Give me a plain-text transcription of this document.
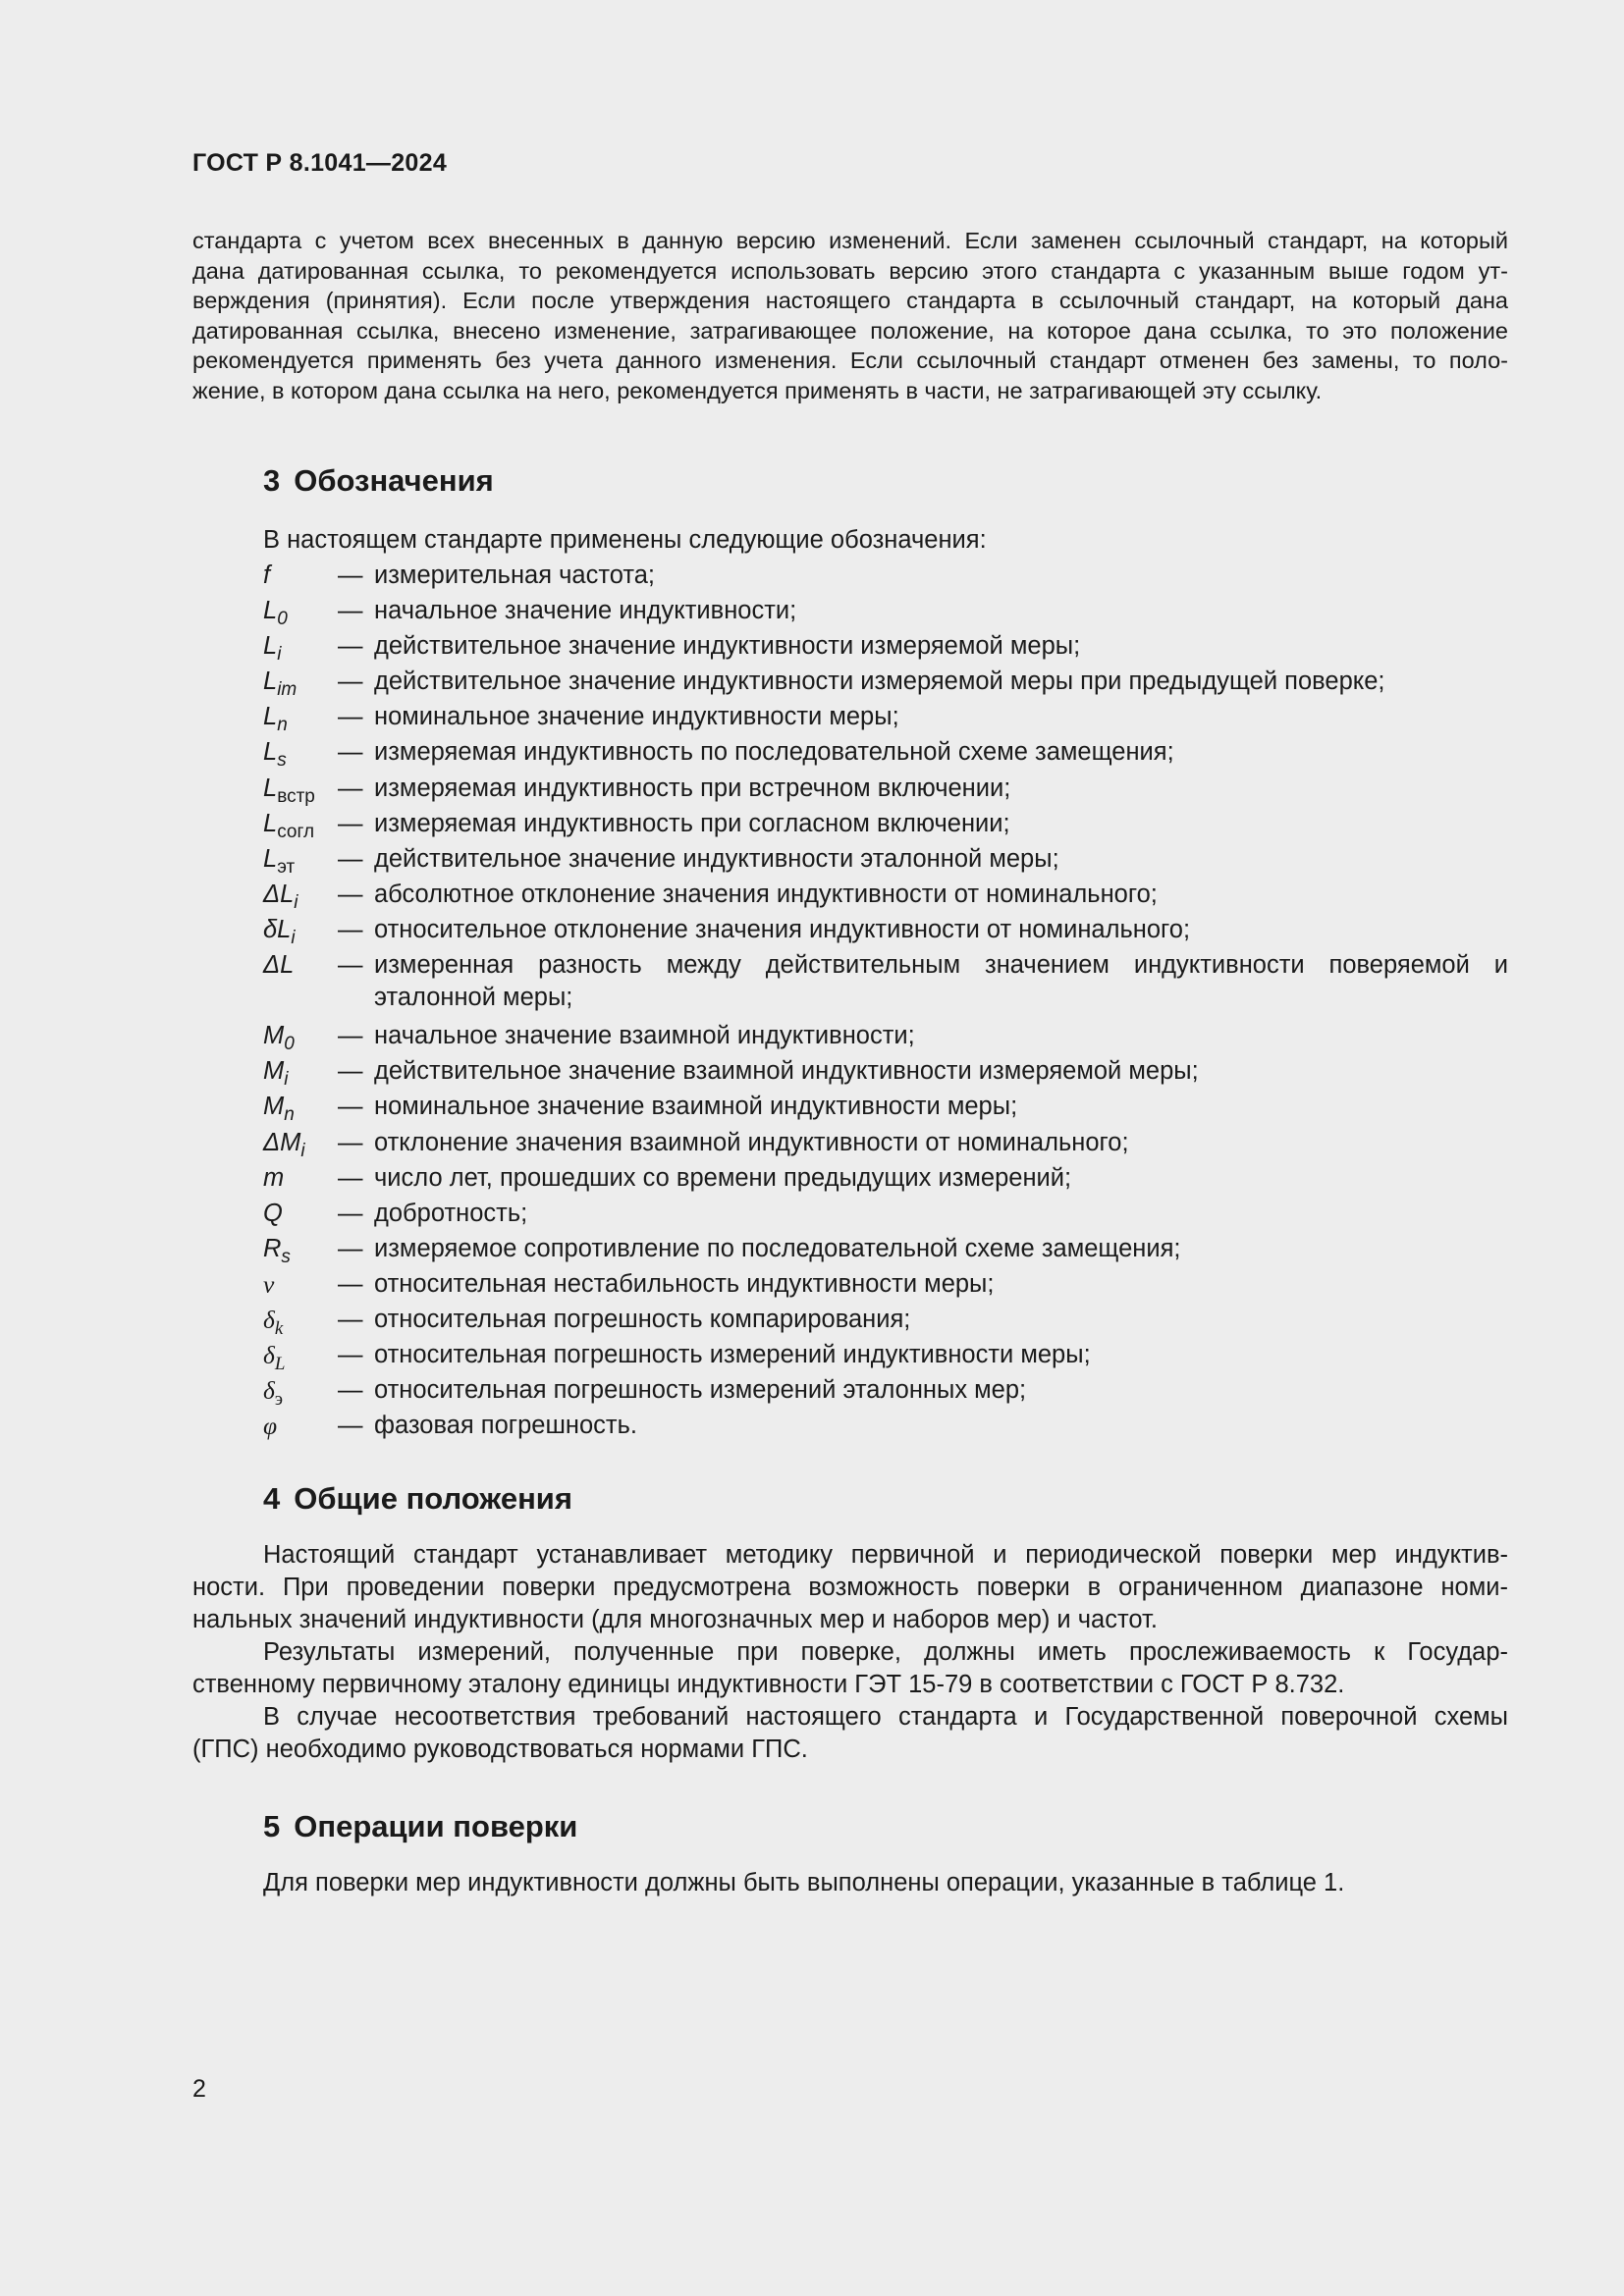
ГОСТ Р 8.1041—2024
стандарта с учетом всех внесенных в данную версию изменений. Если заменен ссылочный стандарт, на который
дана датированная ссылка, то рекомендуется использовать версию этого стандарта с указанным выше годом ут-
верждения (принятия). Если после утверждения настоящего стандарта в ссылочный стандарт, на который дана
датированная ссылка, внесено изменение, затрагивающее положение, на которое дана ссылка, то это положение
рекомендуется применять без учета данного изменения. Если ссылочный стандарт отменен без замены, то поло-
жение, в котором дана ссылка на него, рекомендуется применять в части, не затрагивающей эту ссылку.
3 Обозначения
В настоящем стандарте применены следующие обозначения:
f	— измерительная частота;
$L_0$	— начальное значение индуктивности;
$L_i$	— действительное значение индуктивности измеряемой меры;
$L_{im}$	— действительное значение индуктивности измеряемой меры при предыдущей поверке;
$L_n$	— номинальное значение индуктивности меры;
$L_s$	— измеряемая индуктивность по последовательной схеме замещения;
$L_{встр}$ — измеряемая индуктивность при встречном включении;
$L_{согл}$ — измеряемая индуктивность при согласном включении;
$L_{эт}$	— действительное значение индуктивности эталонной меры;
$\Delta L_i$	— абсолютное отклонение значения индуктивности от номинального;
$\delta L_i$	— относительное отклонение значения индуктивности от номинального;
ΔL	— измеренная разность между действительным значением индуктивности поверяемой и
эталонной меры;
$M_0$	— начальное значение взаимной индуктивности;
$M_i$	— действительное значение взаимной индуктивности измеряемой меры;
$M_n$	— номинальное значение взаимной индуктивности меры;
$\Delta M_i$	— отклонение значения взаимной индуктивности от номинального;
m	— число лет, прошедших со времени предыдущих измерений;
Q	— добротность;
$R_s$	— измеряемое сопротивление по последовательной схеме замещения;
ν	— относительная нестабильность индуктивности меры;
$\delta_k$	— относительная погрешность компарирования;
$\delta_L$	— относительная погрешность измерений индуктивности меры;
$\delta_э$	— относительная погрешность измерений эталонных мер;
φ	— фазовая погрешность.
4 Общие положения
Настоящий стандарт устанавливает методику первичной и периодической поверки мер индуктив-
ности. При проведении поверки предусмотрена возможность поверки в ограниченном диапазоне номи-
нальных значений индуктивности (для многозначных мер и наборов мер) и частот.
Результаты измерений, полученные при поверке, должны иметь прослеживаемость к Государ-
ственному первичному эталону единицы индуктивности ГЭТ 15-79 в соответствии с ГОСТ Р 8.732.
В случае несоответствия требований настоящего стандарта и Государственной поверочной схемы
(ГПС) необходимо руководствоваться нормами ГПС.
5 Операции поверки
Для поверки мер индуктивности должны быть выполнены операции, указанные в таблице 1.
2
